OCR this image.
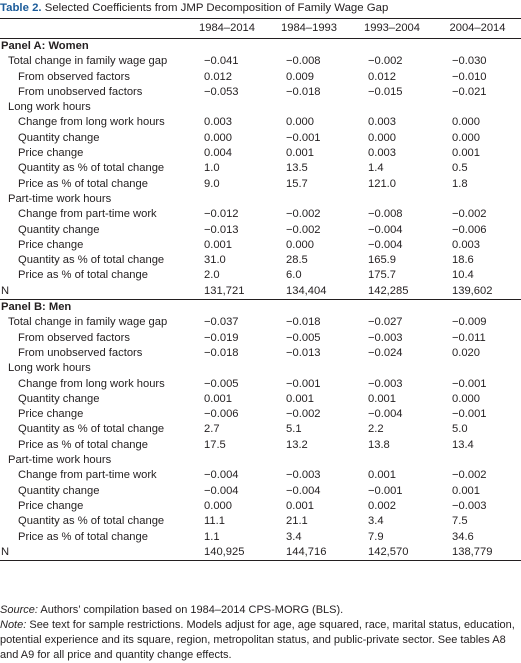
Table 2. Selected Coefficients from JMP Decomposition of Family Wage Gap
	1984–2014	1984–1993	1993–2004	2004–2014
Panel A: Women				
Total change in family wage gap	−0.041	−0.008	−0.002	−0.030
From observed factors	0.012	0.009	0.012	−0.010
From unobserved factors	−0.053	−0.018	−0.015	−0.021
Long work hours				
Change from long work hours	0.003	0.000	0.003	0.000
Quantity change	0.000	−0.001	0.000	0.000
Price change	0.004	0.001	0.003	0.001
Quantity as % of total change	1.0	13.5	1.4	0.5
Price as % of total change	9.0	15.7	121.0	1.8
Part-time work hours				
Change from part-time work	−0.012	−0.002	−0.008	−0.002
Quantity change	−0.013	−0.002	−0.004	−0.006
Price change	0.001	0.000	−0.004	0.003
Quantity as % of total change	31.0	28.5	165.9	18.6
Price as % of total change	2.0	6.0	175.7	10.4
N	131,721	134,404	142,285	139,602
Panel B: Men				
Total change in family wage gap	−0.037	−0.018	−0.027	−0.009
From observed factors	−0.019	−0.005	−0.003	−0.011
From unobserved factors	−0.018	−0.013	−0.024	0.020
Long work hours				
Change from long work hours	−0.005	−0.001	−0.003	−0.001
Quantity change	0.001	0.001	0.001	0.000
Price change	−0.006	−0.002	−0.004	−0.001
Quantity as % of total change	2.7	5.1	2.2	5.0
Price as % of total change	17.5	13.2	13.8	13.4
Part-time work hours				
Change from part-time work	−0.004	−0.003	0.001	−0.002
Quantity change	−0.004	−0.004	−0.001	0.001
Price change	0.000	0.001	0.002	−0.003
Quantity as % of total change	11.1	21.1	3.4	7.5
Price as % of total change	1.1	3.4	7.9	34.6
N	140,925	144,716	142,570	138,779

Source: Authors’ compilation based on 1984–2014 CPS-MORG (BLS).

Note: See text for sample restrictions. Models adjust for age, age squared, race, marital status, education, potential experience and its square, region, metropolitan status, and public-private sector. See tables A8 and A9 for all price and quantity change effects.
